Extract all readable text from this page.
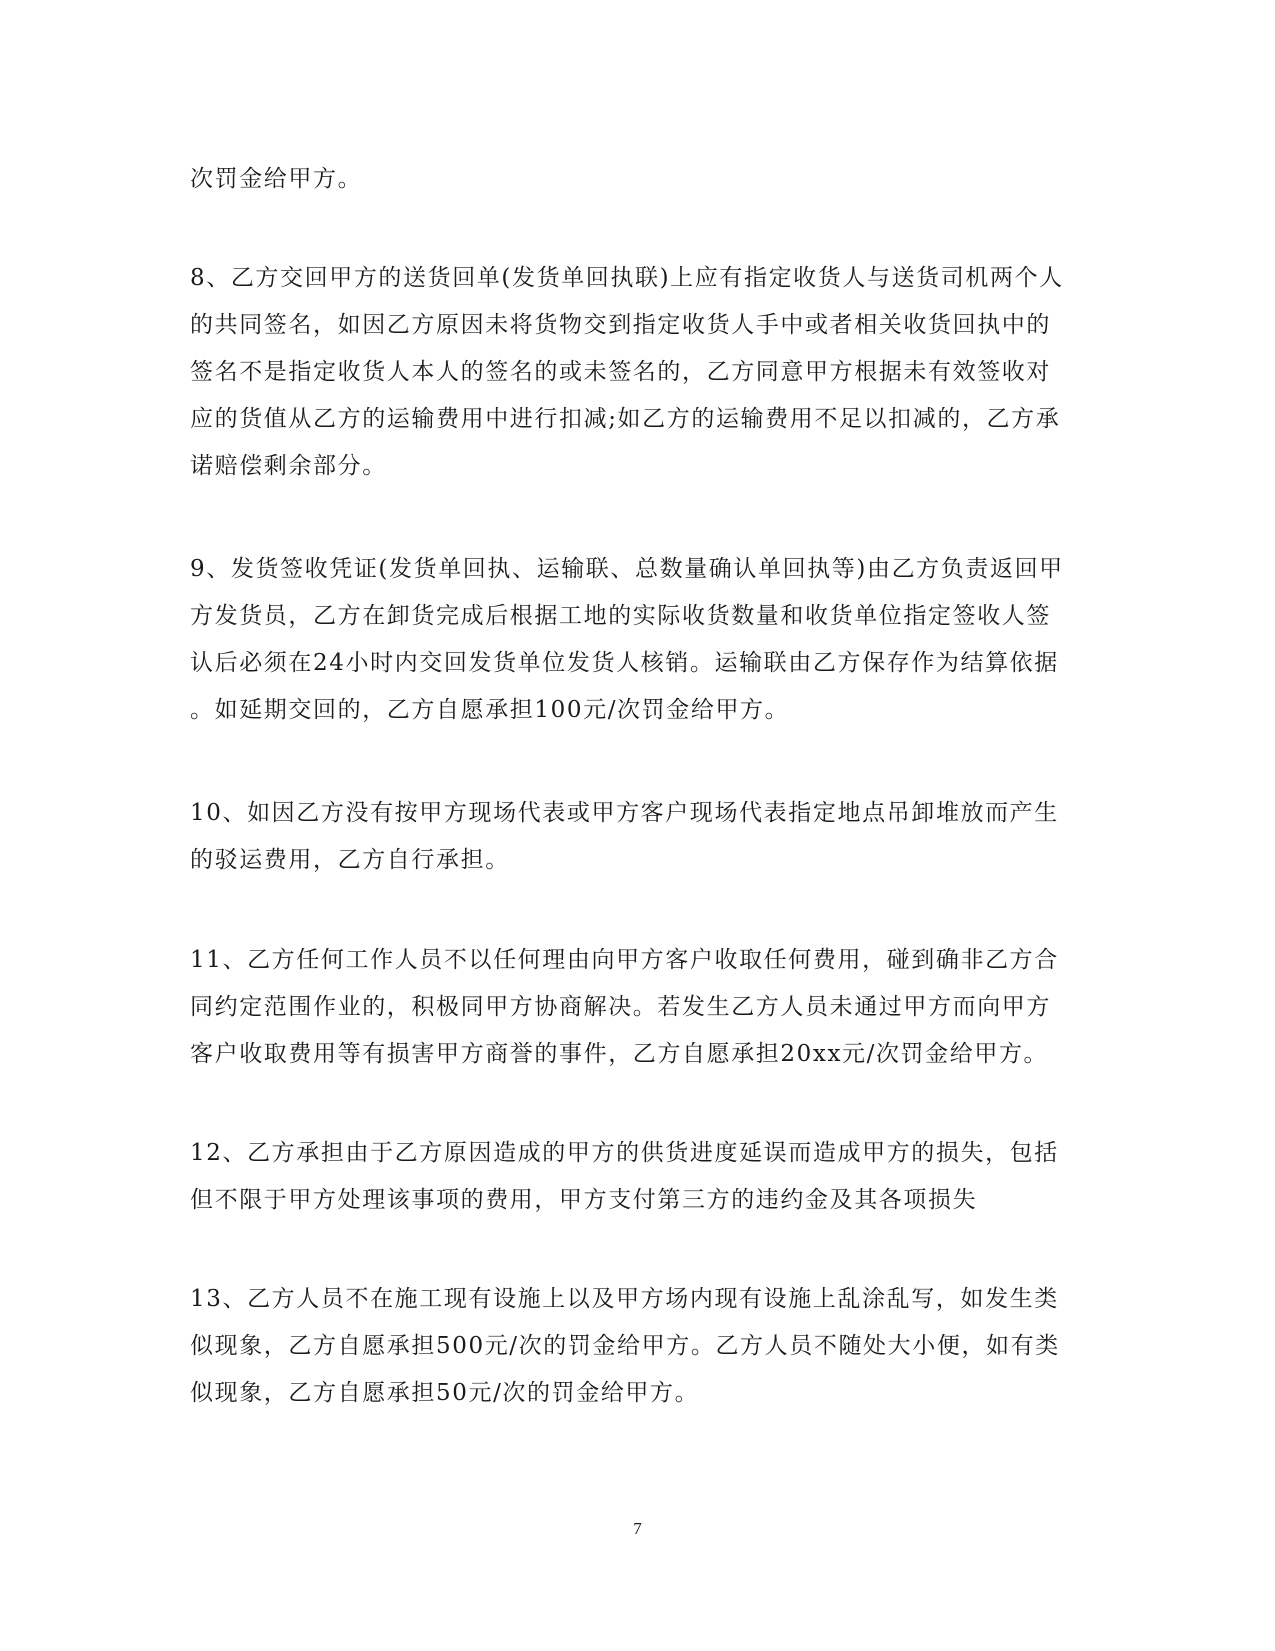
次罚金给甲方。

8、乙方交回甲方的送货回单(发货单回执联)上应有指定收货人与送货司机两个人
的共同签名，如因乙方原因未将货物交到指定收货人手中或者相关收货回执中的
签名不是指定收货人本人的签名的或未签名的，乙方同意甲方根据未有效签收对
应的货值从乙方的运输费用中进行扣减;如乙方的运输费用不足以扣减的，乙方承
诺赔偿剩余部分。

9、发货签收凭证(发货单回执、运输联、总数量确认单回执等)由乙方负责返回甲
方发货员，乙方在卸货完成后根据工地的实际收货数量和收货单位指定签收人签
认后必须在24小时内交回发货单位发货人核销。运输联由乙方保存作为结算依据
。如延期交回的，乙方自愿承担100元/次罚金给甲方。

10、如因乙方没有按甲方现场代表或甲方客户现场代表指定地点吊卸堆放而产生
的驳运费用，乙方自行承担。

11、乙方任何工作人员不以任何理由向甲方客户收取任何费用，碰到确非乙方合
同约定范围作业的，积极同甲方协商解决。若发生乙方人员未通过甲方而向甲方
客户收取费用等有损害甲方商誉的事件，乙方自愿承担20xx元/次罚金给甲方。

12、乙方承担由于乙方原因造成的甲方的供货进度延误而造成甲方的损失，包括
但不限于甲方处理该事项的费用，甲方支付第三方的违约金及其各项损失

13、乙方人员不在施工现有设施上以及甲方场内现有设施上乱涂乱写，如发生类
似现象，乙方自愿承担500元/次的罚金给甲方。乙方人员不随处大小便，如有类
似现象，乙方自愿承担50元/次的罚金给甲方。

7
